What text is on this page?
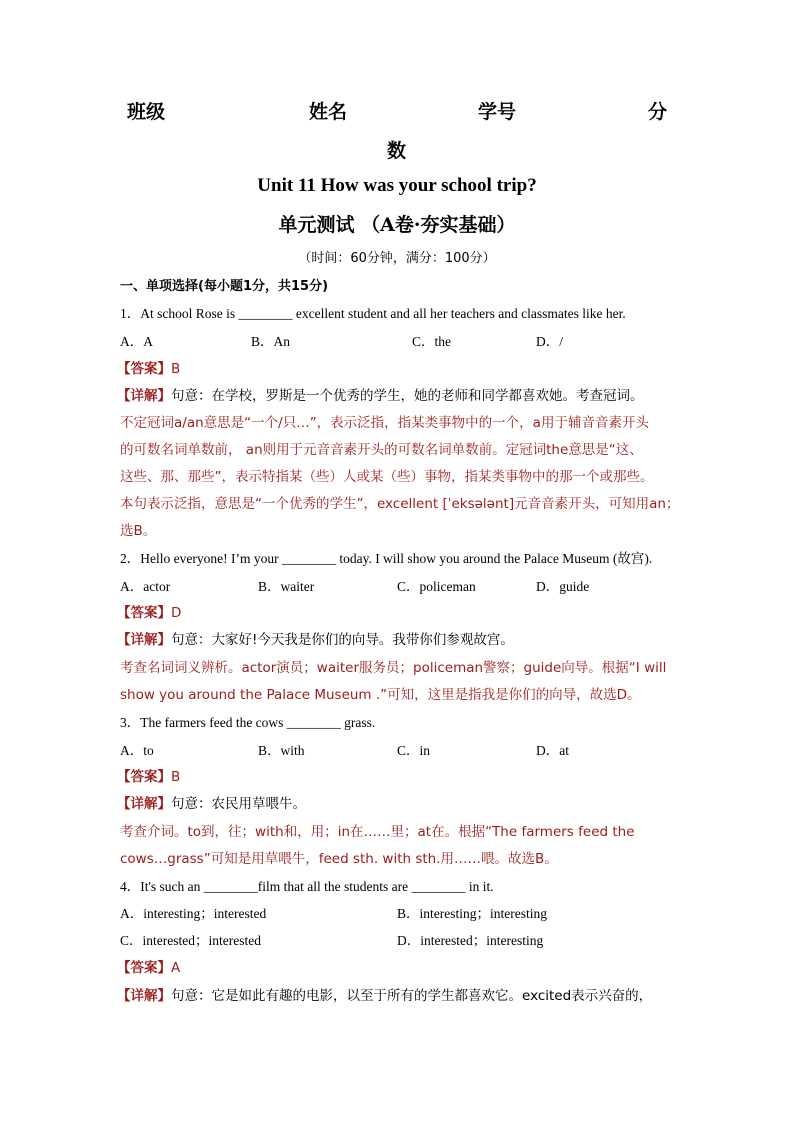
班级	姓名	学号	分
数
Unit 11 How was your school trip?
单元测试 （A卷·夯实基础）
（时间：60分钟，满分：100分）
一、单项选择(每小题1分，共15分)
1．At school Rose is ________ excellent student and all her teachers and classmates like her.
A．A	B．An	C．the	D．/
【答案】B
【详解】句意：在学校，罗斯是一个优秀的学生，她的老师和同学都喜欢她。考查冠词。
不定冠词a/an意思是“一个/只…”，表示泛指，指某类事物中的一个，a用于辅音音素开头
的可数名词单数前， an则用于元音音素开头的可数名词单数前。定冠词the意思是“这、
这些、那、那些”，表示特指某（些）人或某（些）事物，指某类事物中的那一个或那些。
本句表示泛指，意思是“一个优秀的学生”，excellent [ˈeksələnt]元音音素开头，可知用an；
选B。
2．Hello everyone! I’m your ________ today. I will show you around the Palace Museum (故宫).
A．actor	B．waiter	C．policeman	D．guide
【答案】D
【详解】句意：大家好!今天我是你们的向导。我带你们参观故宫。
考查名词词义辨析。actor演员；waiter服务员；policeman警察；guide向导。根据“I will
show you around the Palace Museum .”可知，这里是指我是你们的向导，故选D。
3．The farmers feed the cows ________ grass.
A．to	B．with	C．in	D．at
【答案】B
【详解】句意：农民用草喂牛。
考查介词。to到，往；with和，用；in在……里；at在。根据“The farmers feed the
cows…grass”可知是用草喂牛，feed sth. with sth.用……喂。故选B。
4．It's such an ________film that all the students are ________ in it.
A．interesting；interested	B．interesting；interesting
C．interested；interested	D．interested；interesting
【答案】A
【详解】句意：它是如此有趣的电影，以至于所有的学生都喜欢它。excited表示兴奋的，
